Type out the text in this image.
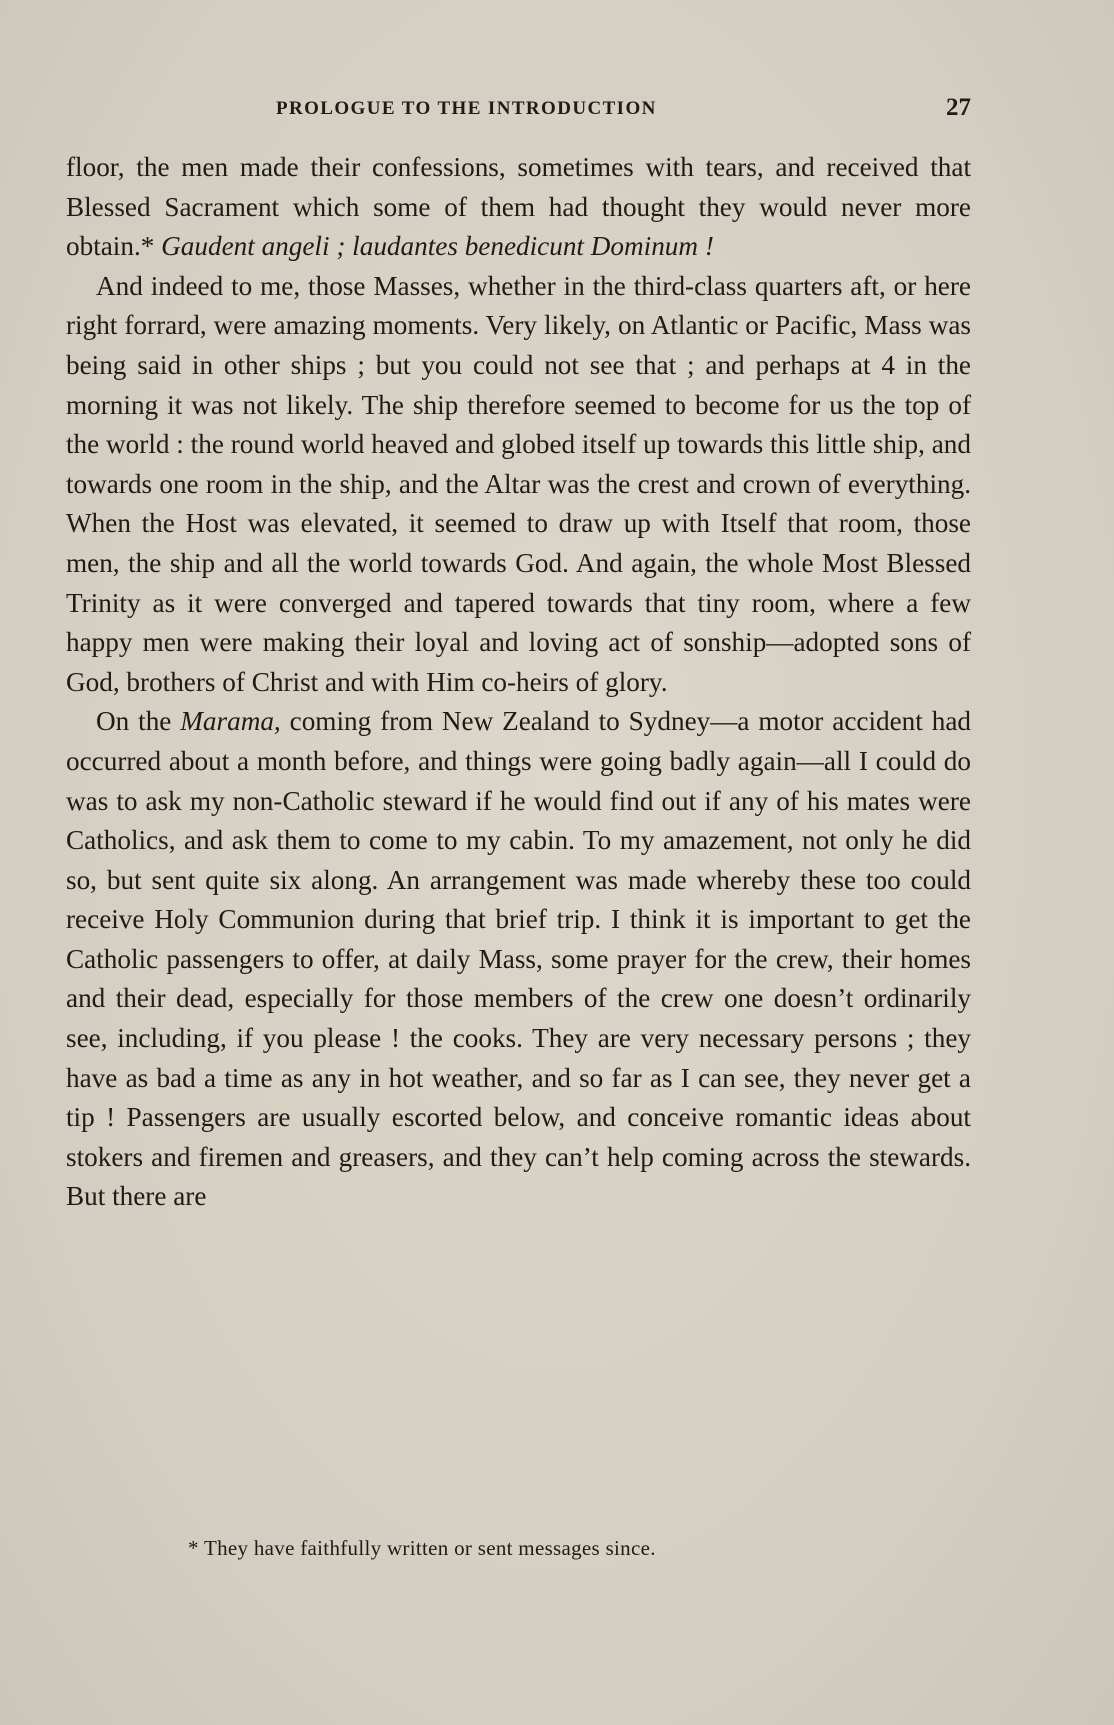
PROLOGUE TO THE INTRODUCTION	27

floor, the men made their confessions, sometimes with tears, and received that Blessed Sacrament which some of them had thought they would never more obtain.* Gaudent angeli ; laudantes benedicunt Dominum !

And indeed to me, those Masses, whether in the third-class quarters aft, or here right forrard, were amazing moments. Very likely, on Atlantic or Pacific, Mass was being said in other ships ; but you could not see that ; and perhaps at 4 in the morning it was not likely. The ship therefore seemed to become for us the top of the world : the round world heaved and globed itself up towards this little ship, and towards one room in the ship, and the Altar was the crest and crown of everything. When the Host was elevated, it seemed to draw up with Itself that room, those men, the ship and all the world towards God. And again, the whole Most Blessed Trinity as it were converged and tapered towards that tiny room, where a few happy men were making their loyal and loving act of sonship—adopted sons of God, brothers of Christ and with Him co-heirs of glory.

On the Marama, coming from New Zealand to Sydney—a motor accident had occurred about a month before, and things were going badly again—all I could do was to ask my non-Catholic steward if he would find out if any of his mates were Catholics, and ask them to come to my cabin. To my amazement, not only he did so, but sent quite six along. An arrangement was made whereby these too could receive Holy Communion during that brief trip. I think it is important to get the Catholic passengers to offer, at daily Mass, some prayer for the crew, their homes and their dead, especially for those members of the crew one doesn’t ordinarily see, including, if you please ! the cooks. They are very necessary persons ; they have as bad a time as any in hot weather, and so far as I can see, they never get a tip ! Passengers are usually escorted below, and conceive romantic ideas about stokers and firemen and greasers, and they can’t help coming across the stewards. But there are

* They have faithfully written or sent messages since.
